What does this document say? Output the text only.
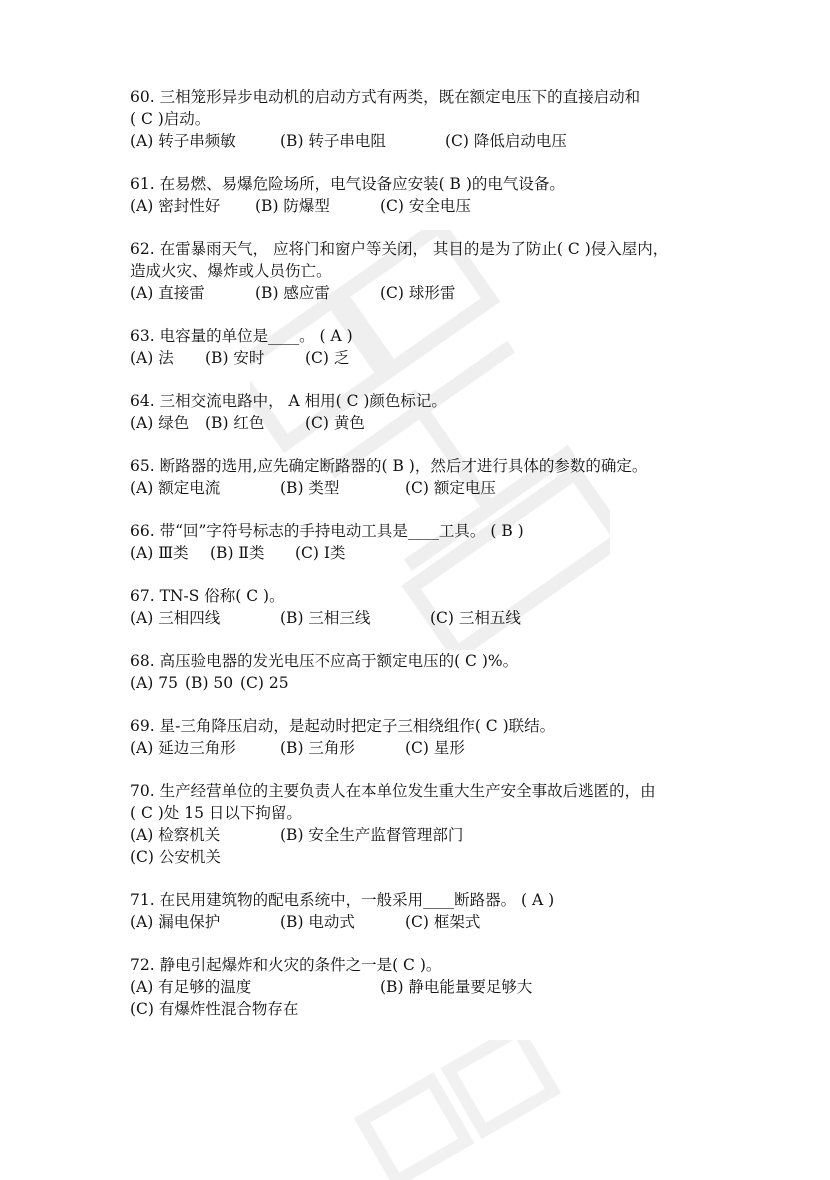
60. 三相笼形异步电动机的启动方式有两类，既在额定电压下的直接启动和
( C )启动。
(A) 转子串频敏	(B) 转子串电阻	(C) 降低启动电压
61. 在易燃、易爆危险场所，电气设备应安装( B )的电气设备。
(A) 密封性好 (B) 防爆型	(C) 安全电压
62. 在雷暴雨天气， 应将门和窗户等关闭， 其目的是为了防止( C )侵入屋内，
造成火灾、爆炸或人员伤亡。
(A) 直接雷	(B) 感应雷	(C) 球形雷
63. 电容量的单位是____。 ( A )
(A) 法 (B) 安时	(C) 乏
64. 三相交流电路中， A 相用( C )颜色标记。
(A) 绿色 (B) 红色	(C) 黄色
65. 断路器的选用,应先确定断路器的( B )，然后才进行具体的参数的确定。
(A) 额定电流	(B) 类型	(C) 额定电压
66. 带“回”字符号标志的手持电动工具是____工具。 ( B )
(A) Ⅲ类 (B) Ⅱ类 (C) Ⅰ类
67. TN-S 俗称( C )。
(A) 三相四线	(B) 三相三线	(C) 三相五线
68. 高压验电器的发光电压不应高于额定电压的( C )%。
(A) 75 (B) 50 (C) 25
69. 星-三角降压启动，是起动时把定子三相绕组作( C )联结。
(A) 延边三角形	(B) 三角形	(C) 星形
70. 生产经营单位的主要负责人在本单位发生重大生产安全事故后逃匿的，由
( C )处 15 日以下拘留。
(A) 检察机关	(B) 安全生产监督管理部门
(C) 公安机关
71. 在民用建筑物的配电系统中，一般采用____断路器。 ( A )
(A) 漏电保护	(B) 电动式	(C) 框架式
72. 静电引起爆炸和火灾的条件之一是( C )。
(A) 有足够的温度	(B) 静电能量要足够大
(C) 有爆炸性混合物存在
